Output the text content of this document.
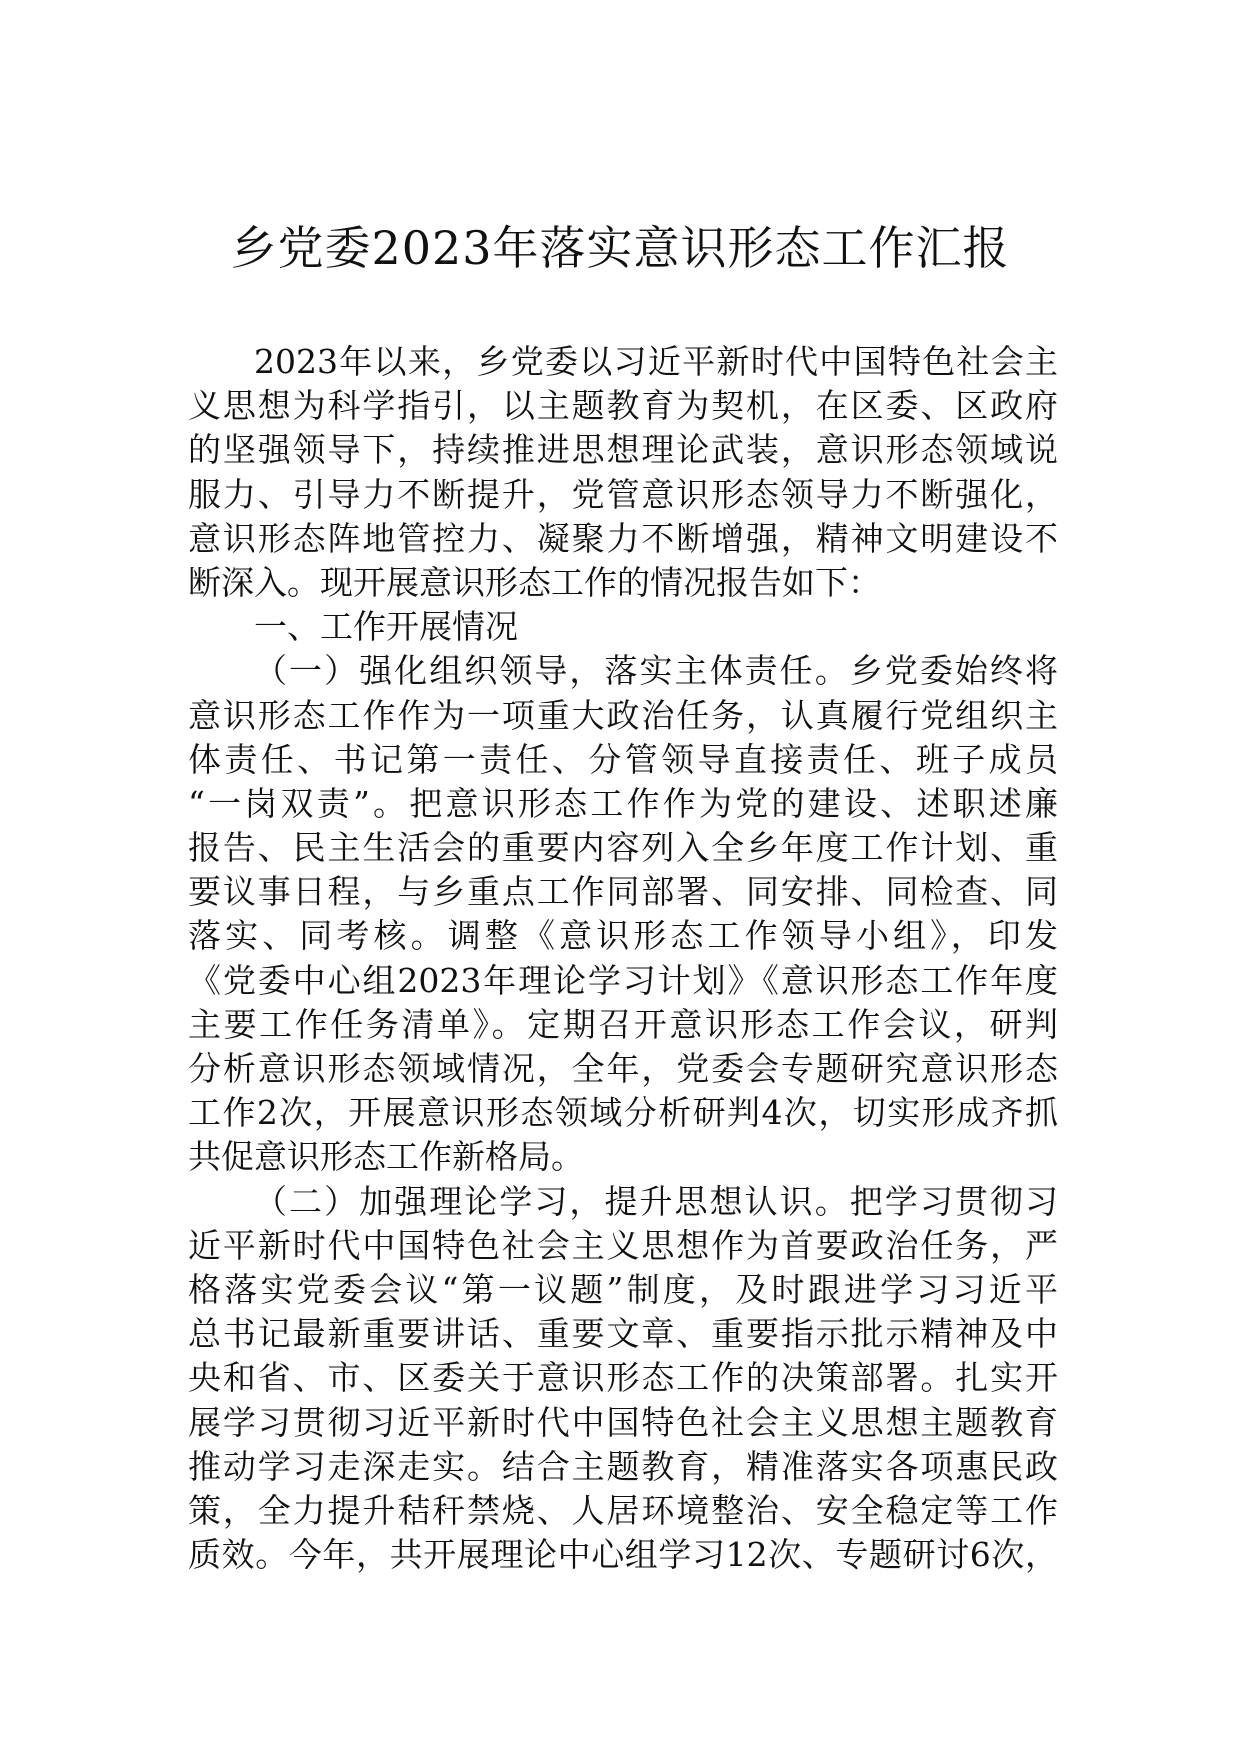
乡党委2023年落实意识形态工作汇报
2023年以来，乡党委以习近平新时代中国特色社会主
义思想为科学指引，以主题教育为契机，在区委、区政府
的坚强领导下，持续推进思想理论武装，意识形态领域说
服力、引导力不断提升，党管意识形态领导力不断强化，
意识形态阵地管控力、凝聚力不断增强，精神文明建设不
断深入。现开展意识形态工作的情况报告如下：
一、工作开展情况
（一）强化组织领导，落实主体责任。乡党委始终将
意识形态工作作为一项重大政治任务，认真履行党组织主
体责任、书记第一责任、分管领导直接责任、班子成员
“一岗双责”。把意识形态工作作为党的建设、述职述廉
报告、民主生活会的重要内容列入全乡年度工作计划、重
要议事日程，与乡重点工作同部署、同安排、同检查、同
落实、同考核。调整《意识形态工作领导小组》，印发
《党委中心组2023年理论学习计划》《意识形态工作年度
主要工作任务清单》。定期召开意识形态工作会议，研判
分析意识形态领域情况，全年，党委会专题研究意识形态
工作2次，开展意识形态领域分析研判4次，切实形成齐抓
共促意识形态工作新格局。
（二）加强理论学习，提升思想认识。把学习贯彻习
近平新时代中国特色社会主义思想作为首要政治任务，严
格落实党委会议“第一议题”制度，及时跟进学习习近平
总书记最新重要讲话、重要文章、重要指示批示精神及中
央和省、市、区委关于意识形态工作的决策部署。扎实开
展学习贯彻习近平新时代中国特色社会主义思想主题教育
推动学习走深走实。结合主题教育，精准落实各项惠民政
策，全力提升秸秆禁烧、人居环境整治、安全稳定等工作
质效。今年，共开展理论中心组学习12次、专题研讨6次，
